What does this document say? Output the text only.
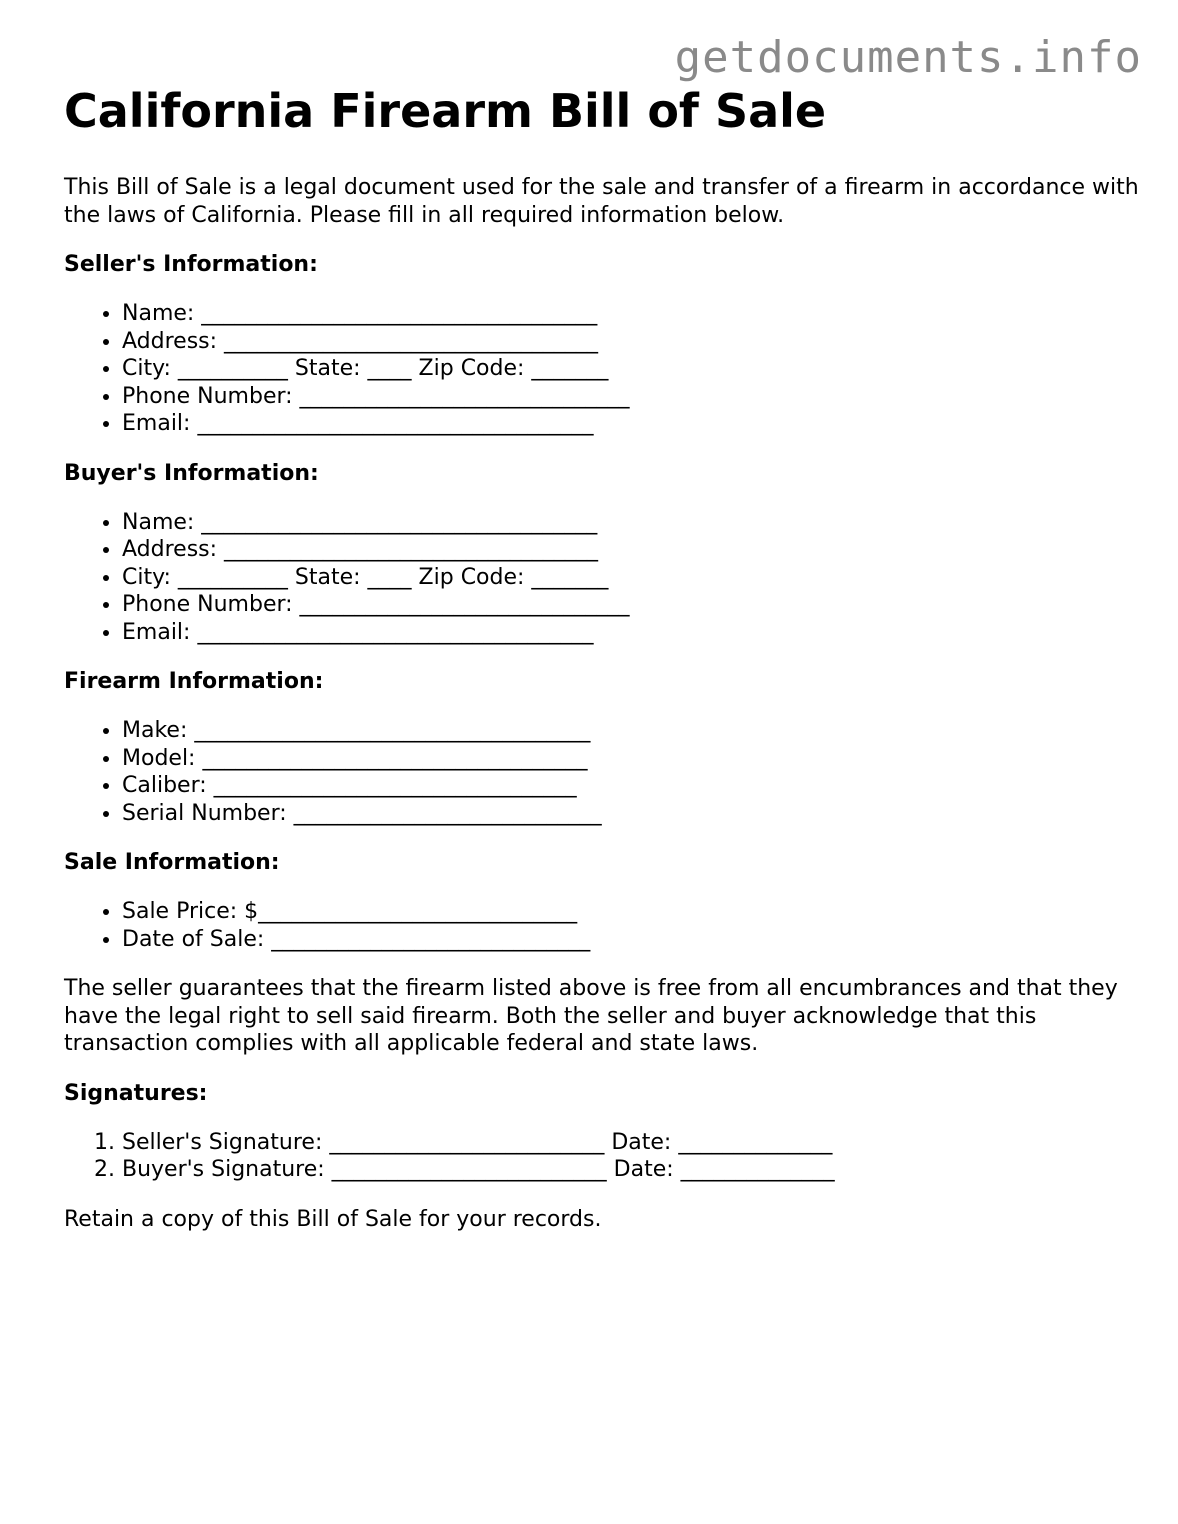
getdocuments.info
California Firearm Bill of Sale

This Bill of Sale is a legal document used for the sale and transfer of a firearm in accordance with the laws of California. Please fill in all required information below.

Seller's Information:
• Name: ____________________________________
• Address: __________________________________
• City: __________ State: ____ Zip Code: _______
• Phone Number: ______________________________
• Email: ____________________________________
Buyer's Information:
• Name: ____________________________________
• Address: __________________________________
• City: __________ State: ____ Zip Code: _______
• Phone Number: ______________________________
• Email: ____________________________________
Firearm Information:
• Make: ____________________________________
• Model: ___________________________________
• Caliber: _________________________________
• Serial Number: ____________________________
Sale Information:
• Sale Price: $_____________________________
• Date of Sale: _____________________________

The seller guarantees that the firearm listed above is free from all encumbrances and that they have the legal right to sell said firearm. Both the seller and buyer acknowledge that this transaction complies with all applicable federal and state laws.

Signatures:
1. Seller's Signature: _________________________ Date: ______________
2. Buyer's Signature: _________________________ Date: ______________

Retain a copy of this Bill of Sale for your records.
